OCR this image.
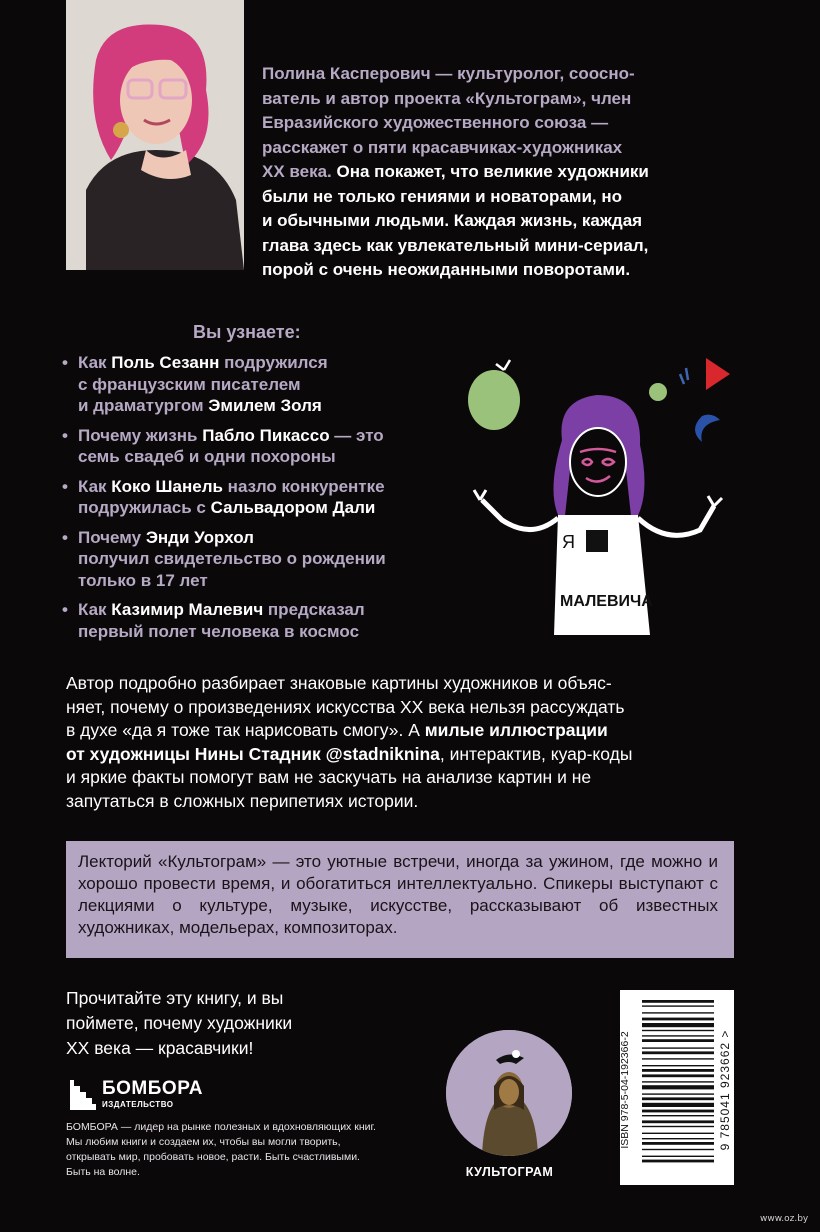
Полина Касперович — культуролог, соосно-
ватель и автор проекта «Культограм», член
Евразийского художественного союза —
расскажет о пяти красавчиках-художниках
XX века. Она покажет, что великие художники
были не только гениями и новаторами, но
и обычными людьми. Каждая жизнь, каждая
глава здесь как увлекательный мини-сериал,
порой с очень неожиданными поворотами.
Вы узнаете:
• Как Поль Сезанн подружился
с французским писателем
и драматургом Эмилем Золя
• Почему жизнь Пабло Пикассо — это
семь свадеб и одни похороны
• Как Коко Шанель назло конкурентке
подружилась с Сальвадором Дали
• Почему Энди Уорхол
получил свидетельство о рождении
только в 17 лет
• Как Казимир Малевич предсказал
первый полет человека в космос
Я
МАЛЕВИЧА
Автор подробно разбирает знаковые картины художников и объяс-
няет, почему о произведениях искусства XX века нельзя рассуждать
в духе «да я тоже так нарисовать смогу». А милые иллюстрации
от художницы Нины Стадник @stadniknina, интерактив, куар-коды
и яркие факты помогут вам не заскучать на анализе картин и не
запутаться в сложных перипетиях истории.
Лекторий «Культограм» — это уютные встречи, иногда за ужином, где можно и хорошо провести время, и обогатиться интеллектуально. Спикеры выступают с лекциями о культуре, музыке, искусстве, рассказывают об известных художниках, модельерах, композиторах.
Прочитайте эту книгу, и вы
поймете, почему художники
XX века — красавчики!
БОМБОРА
ИЗДАТЕЛЬСТВО
БОМБОРА — лидер на рынке полезных и вдохновляющих книг. Мы любим книги и создаем их, чтобы вы могли творить, открывать мир, пробовать новое, расти. Быть счастливыми. Быть на волне.	КУЛЬТОГРАМ
ISBN 978-5-04-192366-2	9 785041 923662 >
www.oz.by
